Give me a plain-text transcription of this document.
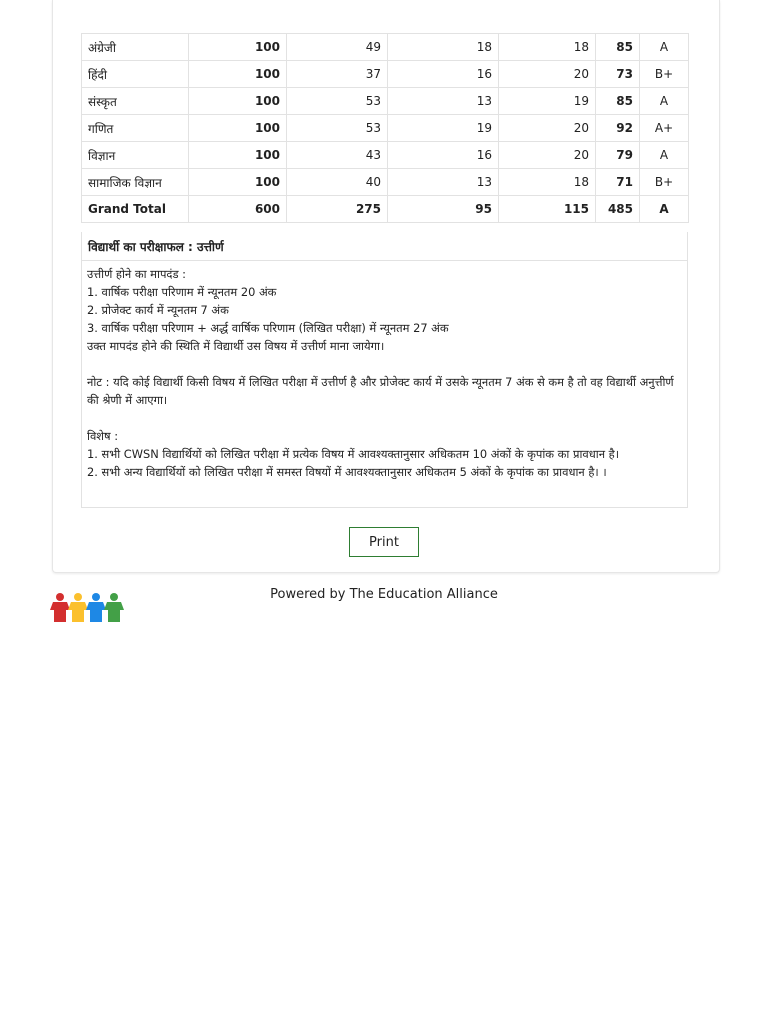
अंग्रेजी	100	49	18	18	85	A
हिंदी	100	37	16	20	73	B+
संस्कृत	100	53	13	19	85	A
गणित	100	53	19	20	92	A+
विज्ञान	100	43	16	20	79	A
सामाजिक विज्ञान	100	40	13	18	71	B+
Grand Total	600	275	95	115	485	A
विद्यार्थी का परीक्षाफल : उत्तीर्ण

उत्तीर्ण होने का मापदंड :

1. वार्षिक परीक्षा परिणाम में न्यूनतम 20 अंक

2. प्रोजेक्ट कार्य में न्यूनतम 7 अंक

3. वार्षिक परीक्षा परिणाम + अर्द्ध वार्षिक परिणाम (लिखित परीक्षा) में न्यूनतम 27 अंक

उक्त मापदंड होने की स्थिति में विद्यार्थी उस विषय में उत्तीर्ण माना जायेगा।

नोट : यदि कोई विद्यार्थी किसी विषय में लिखित परीक्षा में उत्तीर्ण है और प्रोजेक्ट कार्य में उसके न्यूनतम 7 अंक से कम है तो वह विद्यार्थी अनुत्तीर्ण की श्रेणी में आएगा।

विशेष :

1. सभी CWSN विद्यार्थियों को लिखित परीक्षा में प्रत्येक विषय में आवश्यक्तानुसार अधिकतम 10 अंकों के कृपांक का प्रावधान है।

2. सभी अन्य विद्यार्थियों को लिखित परीक्षा में समस्त विषयों में आवश्यक्तानुसार अधिकतम 5 अंकों के कृपांक का प्रावधान है। ।

Print
Powered by The Education Alliance
